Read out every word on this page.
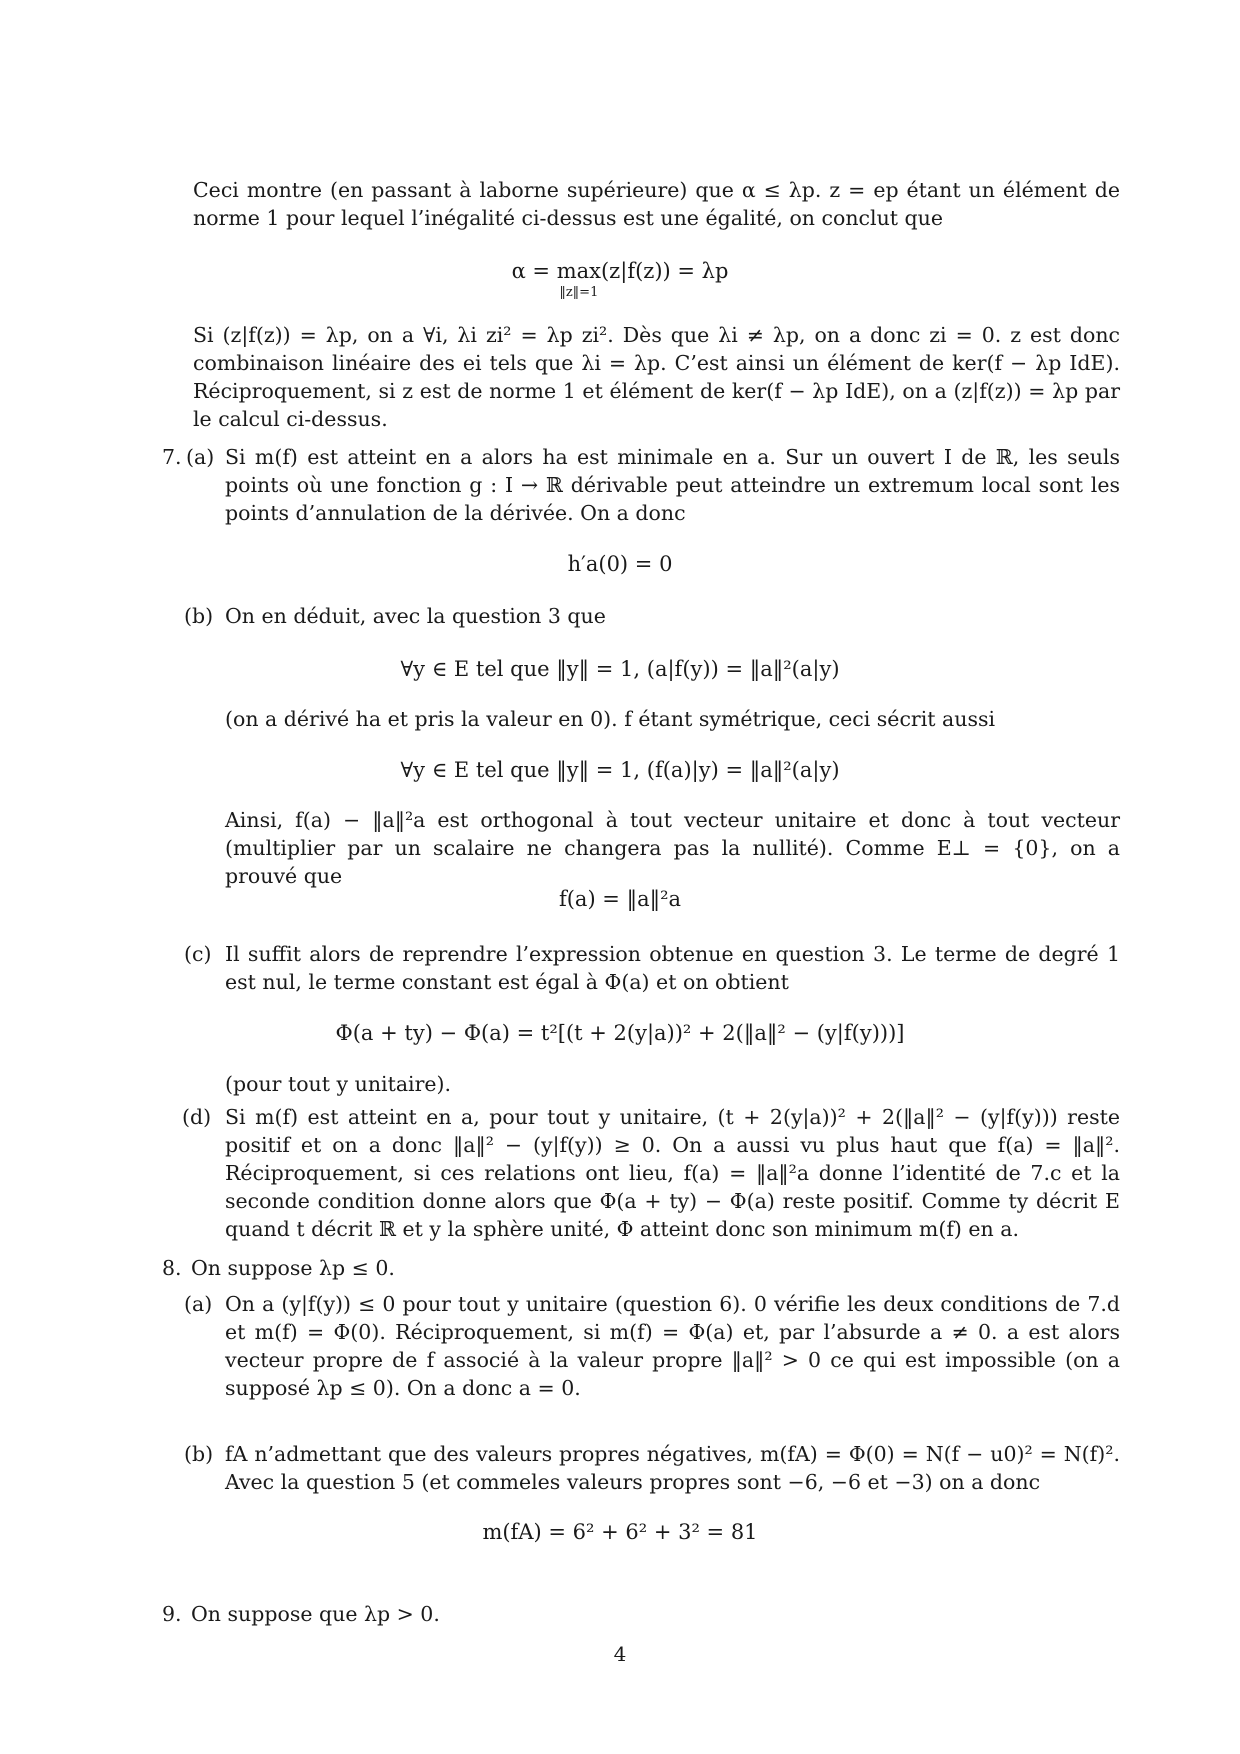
Ceci montre (en passant à laborne supérieure) que α ≤ λp. z = ep étant un élément de norme 1 pour lequel l’inégalité ci-dessus est une égalité, on conclut que
α = max
‖z‖=1
(z|f(z)) = λp
Si (z|f(z)) = λp, on a ∀i, λi zi² = λp zi². Dès que λi ≠ λp, on a donc zi = 0. z est donc combinaison linéaire des ei tels que λi = λp. C’est ainsi un élément de ker(f − λp IdE). Réciproquement, si z est de norme 1 et élément de ker(f − λp IdE), on a (z|f(z)) = λp par le calcul ci-dessus.
7. (a) Si m(f) est atteint en a alors ha est minimale en a. Sur un ouvert I de ℝ, les seuls points où une fonction g : I → ℝ dérivable peut atteindre un extremum local sont les points d’annulation de la dérivée. On a donc
h′a(0) = 0
(b) On en déduit, avec la question 3 que
∀y ∈ E tel que ‖y‖ = 1, (a|f(y)) = ‖a‖²(a|y)
(on a dérivé ha et pris la valeur en 0). f étant symétrique, ceci sécrit aussi
∀y ∈ E tel que ‖y‖ = 1, (f(a)|y) = ‖a‖²(a|y)
Ainsi, f(a) − ‖a‖²a est orthogonal à tout vecteur unitaire et donc à tout vecteur (multiplier par un scalaire ne changera pas la nullité). Comme E⊥ = {0}, on a prouvé que
f(a) = ‖a‖²a
(c) Il suffit alors de reprendre l’expression obtenue en question 3. Le terme de degré 1 est nul, le terme constant est égal à Φ(a) et on obtient
Φ(a + ty) − Φ(a) = t²[(t + 2(y|a))² + 2(‖a‖² − (y|f(y)))]
(pour tout y unitaire).
(d) Si m(f) est atteint en a, pour tout y unitaire, (t + 2(y|a))² + 2(‖a‖² − (y|f(y))) reste positif et on a donc ‖a‖² − (y|f(y)) ≥ 0. On a aussi vu plus haut que f(a) = ‖a‖². Réciproquement, si ces relations ont lieu, f(a) = ‖a‖²a donne l’identité de 7.c et la seconde condition donne alors que Φ(a + ty) − Φ(a) reste positif. Comme ty décrit E quand t décrit ℝ et y la sphère unité, Φ atteint donc son minimum m(f) en a.
8. On suppose λp ≤ 0.
(a) On a (y|f(y)) ≤ 0 pour tout y unitaire (question 6). 0 vérifie les deux conditions de 7.d et m(f) = Φ(0). Réciproquement, si m(f) = Φ(a) et, par l’absurde a ≠ 0. a est alors vecteur propre de f associé à la valeur propre ‖a‖² > 0 ce qui est impossible (on a supposé λp ≤ 0). On a donc a = 0.
(b) fA n’admettant que des valeurs propres négatives, m(fA) = Φ(0) = N(f − u0)² = N(f)². Avec la question 5 (et commeles valeurs propres sont −6, −6 et −3) on a donc
m(fA) = 6² + 6² + 3² = 81
9. On suppose que λp > 0.
4
